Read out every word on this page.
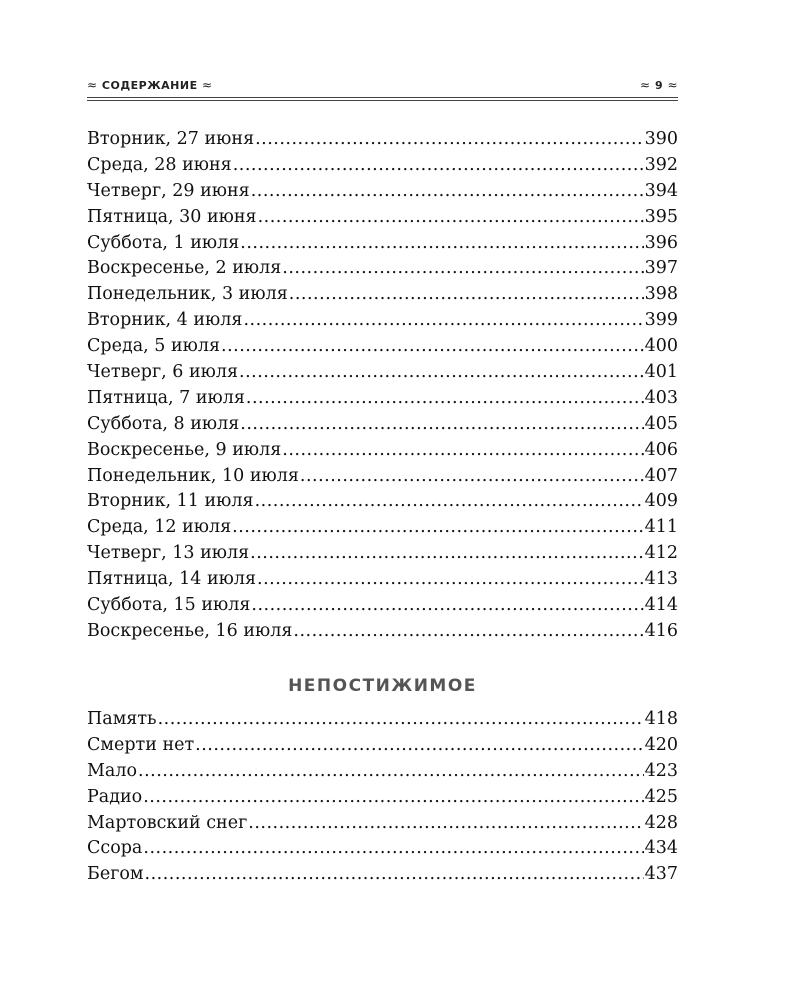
≈ СОДЕРЖАНИЕ ≈	≈ 9 ≈
Вторник, 27 июня .....	390
Среда, 28 июня .....	392
Четверг, 29 июня .....	394
Пятница, 30 июня .....	395
Суббота, 1 июля .....	396
Воскресенье, 2 июля .....	397
Понедельник, 3 июля .....	398
Вторник, 4 июля .....	399
Среда, 5 июля .....	400
Четверг, 6 июля .....	401
Пятница, 7 июля .....	403
Суббота, 8 июля .....	405
Воскресенье, 9 июля .....	406
Понедельник, 10 июля .....	407
Вторник, 11 июля .....	409
Среда, 12 июля .....	411
Четверг, 13 июля .....	412
Пятница, 14 июля .....	413
Суббота, 15 июля .....	414
Воскресенье, 16 июля .....	416
НЕПОСТИЖИМОЕ
Память .....	418
Смерти нет .....	420
Мало .....	423
Радио .....	425
Мартовский снег .....	428
Ссора .....	434
Бегом .....	437
